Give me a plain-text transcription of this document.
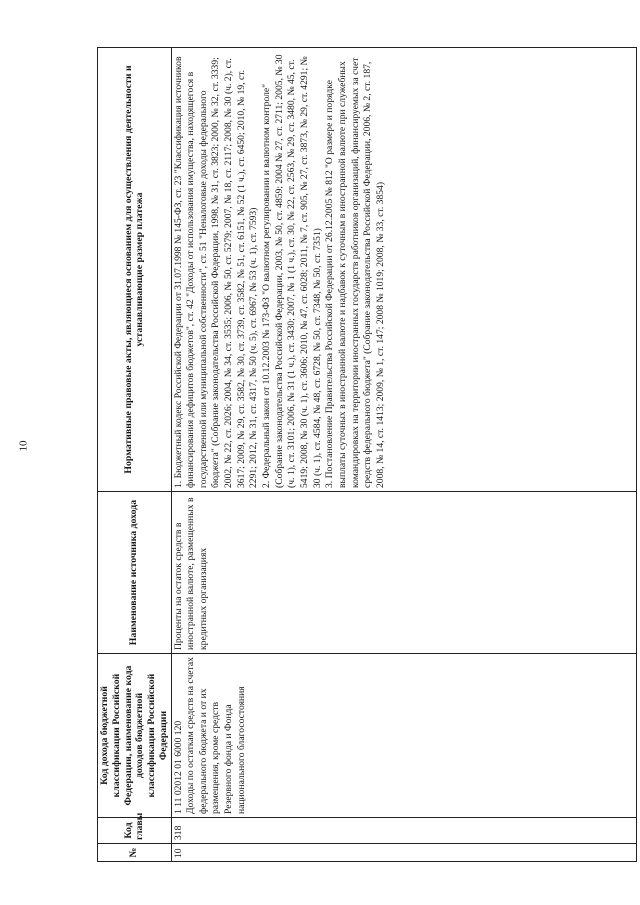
10
№	Код главы	Код дохода бюджетной классификации Российской Федерации, наименование кода доходов бюджетной классификации Российской Федерации	Наименование источника дохода	Нормативные правовые акты, являющиеся основанием для осуществления деятельности и устанавливающие размер платежа
10	318	1 11 02012 01 6000 120 Доходы по остаткам средств на счетах федерального бюджета и от их размещения, кроме средств Резервного фонда и Фонда национального благосостояния	Проценты на остаток средств в иностранной валюте, размещенных в кредитных организациях	1. Бюджетный кодекс Российской Федерации от 31.07.1998 № 145-ФЗ, ст. 23 "Классификация источников финансирования дефицитов бюджетов", ст. 42 "Доходы от использования имущества, находящегося в государственной или муниципальной собственности", ст. 51 "Неналоговые доходы федерального бюджета" (Собрание законодательства Российской Федерации, 1998, № 31, ст. 3823; 2000, № 32, ст. 3339; 2002, № 22, ст. 2026; 2004, № 34, ст. 3535; 2006, № 50, ст. 5279; 2007, № 18, ст. 2117; 2008, № 30 (ч. 2), ст. 3617; 2009, № 29, ст. 3582, № 30, ст. 3739, ст. 3582, № 51, ст. 6151, № 52 (1 ч.), ст. 6450; 2010, № 19, ст. 2291; 2012, № 31, ст. 4317, № 50 (ч. 5), ст. 6967, № 53 (ч. 1), ст. 7593) 2. Федеральный закон от 10.12.2003 № 173-ФЗ "О валютном регулировании и валютном контроле" (Собрание законодательства Российской Федерации, 2003, № 50, ст. 4859; 2004 № 27, ст. 2711; 2005, № 30 (ч. 1), ст. 3101; 2006, № 31 (1 ч.), ст. 3430; 2007, № 1 (1 ч.), ст. 30, № 22, ст. 2563, № 29, ст. 3480, № 45, ст. 5419; 2008, № 30 (ч. 1), ст. 3606; 2010, № 47, ст. 6028; 2011, № 7, ст. 905, № 27, ст. 3873, № 29, ст. 4291; № 30 (ч. 1), ст. 4584, № 48, ст. 6728, № 50, ст. 7348, № 50, ст. 7351) 3. Постановление Правительства Российской Федерации от 26.12.2005 № 812 "О размере и порядке выплаты суточных в иностранной валюте и надбавок к суточным в иностранной валюте при служебных командировках на территории иностранных государств работников организаций, финансируемых за счет средств федерального бюджета" (Собрание законодательства Российской Федерации, 2006, № 2, ст. 187, 2008, № 14, ст. 1413; 2009, № 1, ст. 147; 2008 № 1019; 2008, № 33, ст. 3854)
